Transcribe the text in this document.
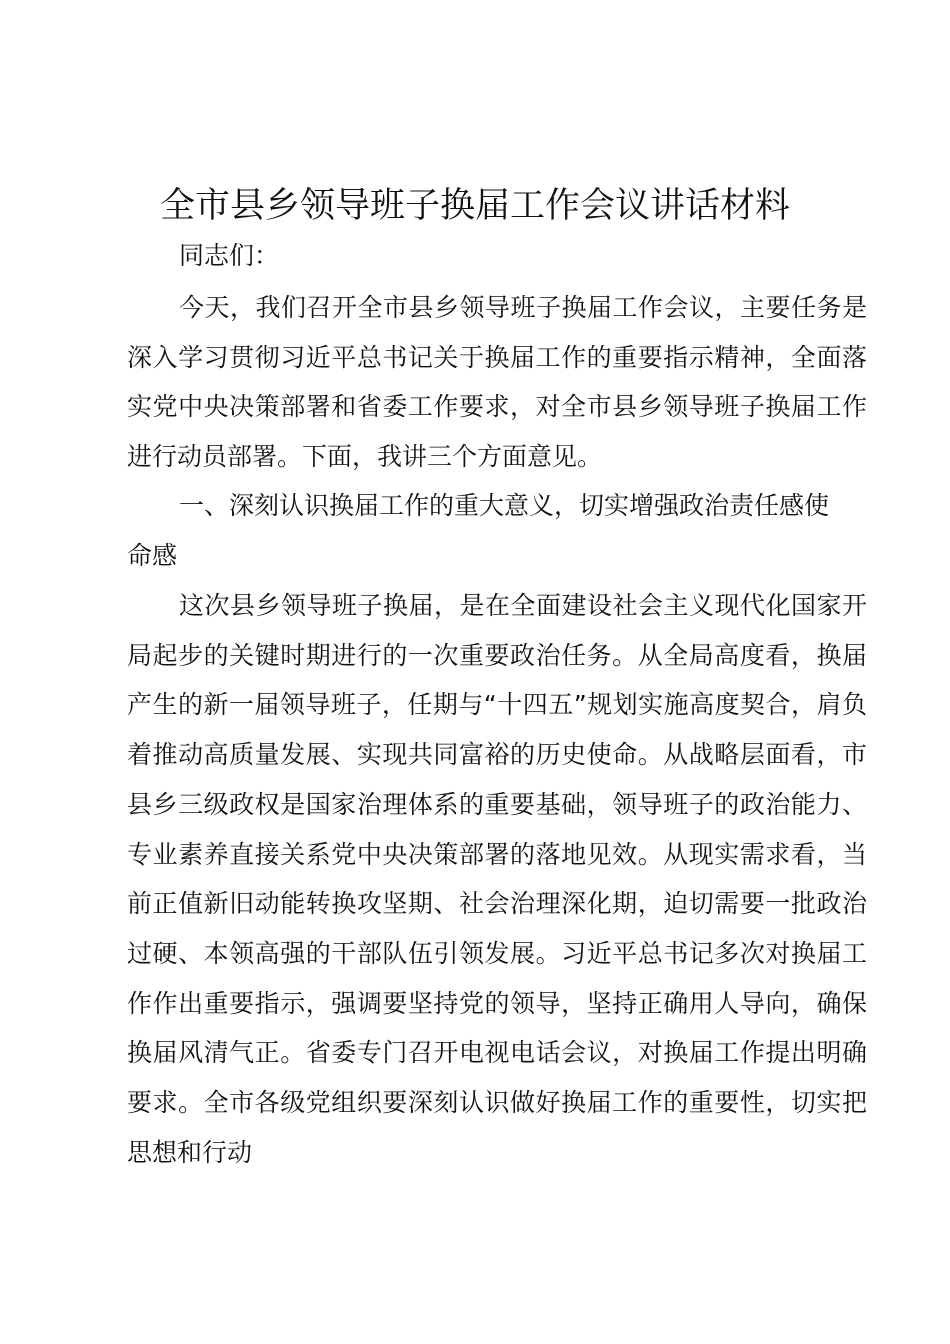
全市县乡领导班子换届工作会议讲话材料

同志们：

今天，我们召开全市县乡领导班子换届工作会议，主要任务是深入学习贯彻习近平总书记关于换届工作的重要指示精神，全面落实党中央决策部署和省委工作要求，对全市县乡领导班子换届工作进行动员部署。下面，我讲三个方面意见。

一、深刻认识换届工作的重大意义，切实增强政治责任感使命感

这次县乡领导班子换届，是在全面建设社会主义现代化国家开局起步的关键时期进行的一次重要政治任务。从全局高度看，换届产生的新一届领导班子，任期与“十四五”规划实施高度契合，肩负着推动高质量发展、实现共同富裕的历史使命。从战略层面看，市县乡三级政权是国家治理体系的重要基础，领导班子的政治能力、专业素养直接关系党中央决策部署的落地见效。从现实需求看，当前正值新旧动能转换攻坚期、社会治理深化期，迫切需要一批政治过硬、本领高强的干部队伍引领发展。习近平总书记多次对换届工作作出重要指示，强调要坚持党的领导，坚持正确用人导向，确保换届风清气正。省委专门召开电视电话会议，对换届工作提出明确要求。全市各级党组织要深刻认识做好换届工作的重要性，切实把思想和行动
